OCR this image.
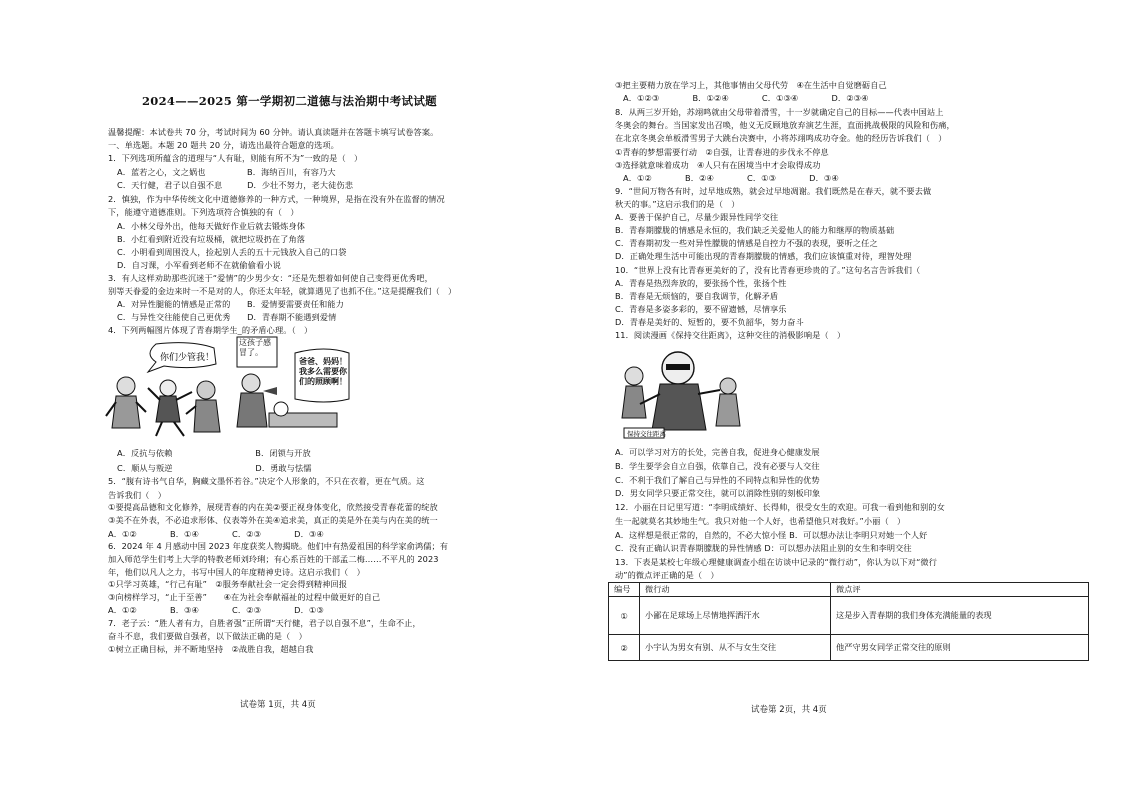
2024——2025 第一学期初二道德与法治期中考试试题
温馨提醒：本试卷共 70 分，考试时间为 60 分钟。请认真读题并在答题卡填写试卷答案。
一、单选题。本题 20 题共 20 分，请选出最符合题意的选项。
1．下列选项所蕴含的道理与“人有耻，则能有所不为”一致的是（　）
A．蓝若之心，文之娲也　　　　　B．海纳百川，有容乃大
C．天行健，君子以自强不息　　　D．少壮不努力，老大徒伤悲
2．慎独，作为中华传统文化中道德修养的一种方式，一种境界，是指在没有外在监督的情况
下，能遵守道德准则。下列选项符合慎独的有（　）
A．小林父母外出，他每天做好作业后就去锻炼身体
B．小红看到附近没有垃圾桶，就把垃圾扔在了角落
C．小明看到周围没人，捡起别人丢的五十元钱放入自己的口袋
D．自习课，小军看到老师不在就偷偷看小说
3．有人这样劝助那些沉迷于“爱情”的少男少女：“还是先想着如何使自己变得更优秀吧，
别等天眷爱的金边来时一不是对的人，你还太年轻，就算遇见了也抓不住。”这是提醒我们（　）
A．对异性腿能的情感是正常的　　B．爱情要需要责任和能力
C．与异性交往能使自己更优秀　　D．青春期不能遇到爱情
4．下列两幅图片体现了青春期学生_的矛盾心理。（　）
A．反抗与依赖　　　　　　　　　　B．闭锁与开放
C．顺从与叛逆　　　　　　　　　　D．勇敢与怯懦
5．“腹有诗书气自华，胸藏文墨怀若谷。”决定个人形象的，不只在衣着，更在气质。这
告诉我们（　）
①要提高品德和文化修养，展现青春的内在美②要正视身体变化，欣然接受青春花蕾的绽放
③美不在外表，不必追求形体、仪表等外在美④追求美，真正的美是外在美与内在美的统一
A．①②　　　　B．①④　　　　C．②③　　　　D．③④
6．2024 年 4 月感动中国 2023 年度获奖人物揭晓。他们中有热爱祖国的科学家俞鸿儒；有
加入师范学生们考上大学的特教老师刘玲琍；有心系百姓的干部孟二梅……不平凡的 2023
年，他们以凡人之力，书写中国人的年度精神史诗。这启示我们（　）
①只学习英雄，“行己有耻”　②服务奉献社会一定会得到精神回报
③向榜样学习，“止于至善”　　④在为社会奉献福祉的过程中做更好的自己
A．①②　　　　B．③④　　　　C．②③　　　　D．①③
7．老子云：“胜人者有力，自胜者强”正所谓“天行健，君子以自强不息”，生命不止，
奋斗不息，我们要做自强者，以下做法正确的是（　）
①树立正确目标，并不断地坚持　②战胜自我，超越自我
你们少管我！
这孩子感冒了。
爸爸、妈妈！我多么需要你们的照顾啊！
试卷第 1页，共 4页
③把主要精力放在学习上，其他事情由父母代劳　④在生活中自觉磨砺自己
A．①②③　　　　B．①②④　　　　C．①③④　　　　D．②③④
8．从两三岁开始，苏翊鸣就由父母带着滑雪，十一岁就确定自己的目标——代表中国站上
冬奥会的舞台。当国家发出召唤，他义无反顾地放弃演艺生涯，直面挑战极限的风险和伤痛，
在北京冬奥会单板滑雪男子大跳台决赛中，小将苏翊鸣成功夺金。他的经历告诉我们（　）
①青春的梦想需要行动　②自强，让青春进的步伐永不停息
③选择就意味着成功　④人只有在困境当中才会取得成功
A．①②　　　　B．②④　　　　C．①③　　　　D．③④
9．“世间万物各有时，过早地成熟，就会过早地凋谢。我们既然是在春天，就不要去做
秋天的事。”这启示我们的是（　）
A．要善于保护自己，尽量少跟异性同学交往
B．青春期朦胧的情感是永恒的，我们缺乏关爱他人的能力和继厚的物质基础
C．青春期初发一些对异性朦胧的情感是自控力不强的表现，要听之任之
D．正确处理生活中可能出现的青春期朦胧的情感，我们应该慎重对待，理智处理
10．“世界上没有比青春更美好的了，没有比青春更珍贵的了。”这句名言告诉我们（
A．青春是热烈奔放的，要张扬个性，张扬个性
B．青春是无烦恼的，要自我调节，化解矛盾
C．青春是多姿多彩的，要不留遗憾，尽情享乐
D．青春是美好的、短暂的，要不负韶华，努力奋斗
11．阅读漫画《保持交往距离》，这种交往的消极影响是（　）
A．可以学习对方的长处，完善自我，促进身心健康发展
B．学生要学会自立自强，依靠自己，没有必要与人交往
C．不利于我们了解自己与异性的不同特点和异性的优势
D．男女同学只要正常交往，就可以消除性别的刻板印象
12．小丽在日记里写道：“李明成绩好、长得帅，很受女生的欢迎。可我一看到他和别的女
生一起就莫名其妙地生气。我只对他一个人好，也希望他只对我好。”小丽（　）
A．这样想是很正常的，自然的，不必大惊小怪 B．可以想办法让李明只对她一个人好
C．没有正确认识青春期朦胧的异性情感 D：可以想办法阻止别的女生和李明交往
13．下表是某校七年级心理健康调查小组在访谈中记录的“微行动”，你认为以下对“微行
动”的微点评正确的是（　）
保持交往距离
编号	微行动	微点评
①	小鄙在足球场上尽情地挥洒汗水	这是步入青春期的我们身体充满能量的表现
②	小宇认为男女有别、从不与女生交往	他严守男女同学正常交往的原则
试卷第 2页，共 4页
